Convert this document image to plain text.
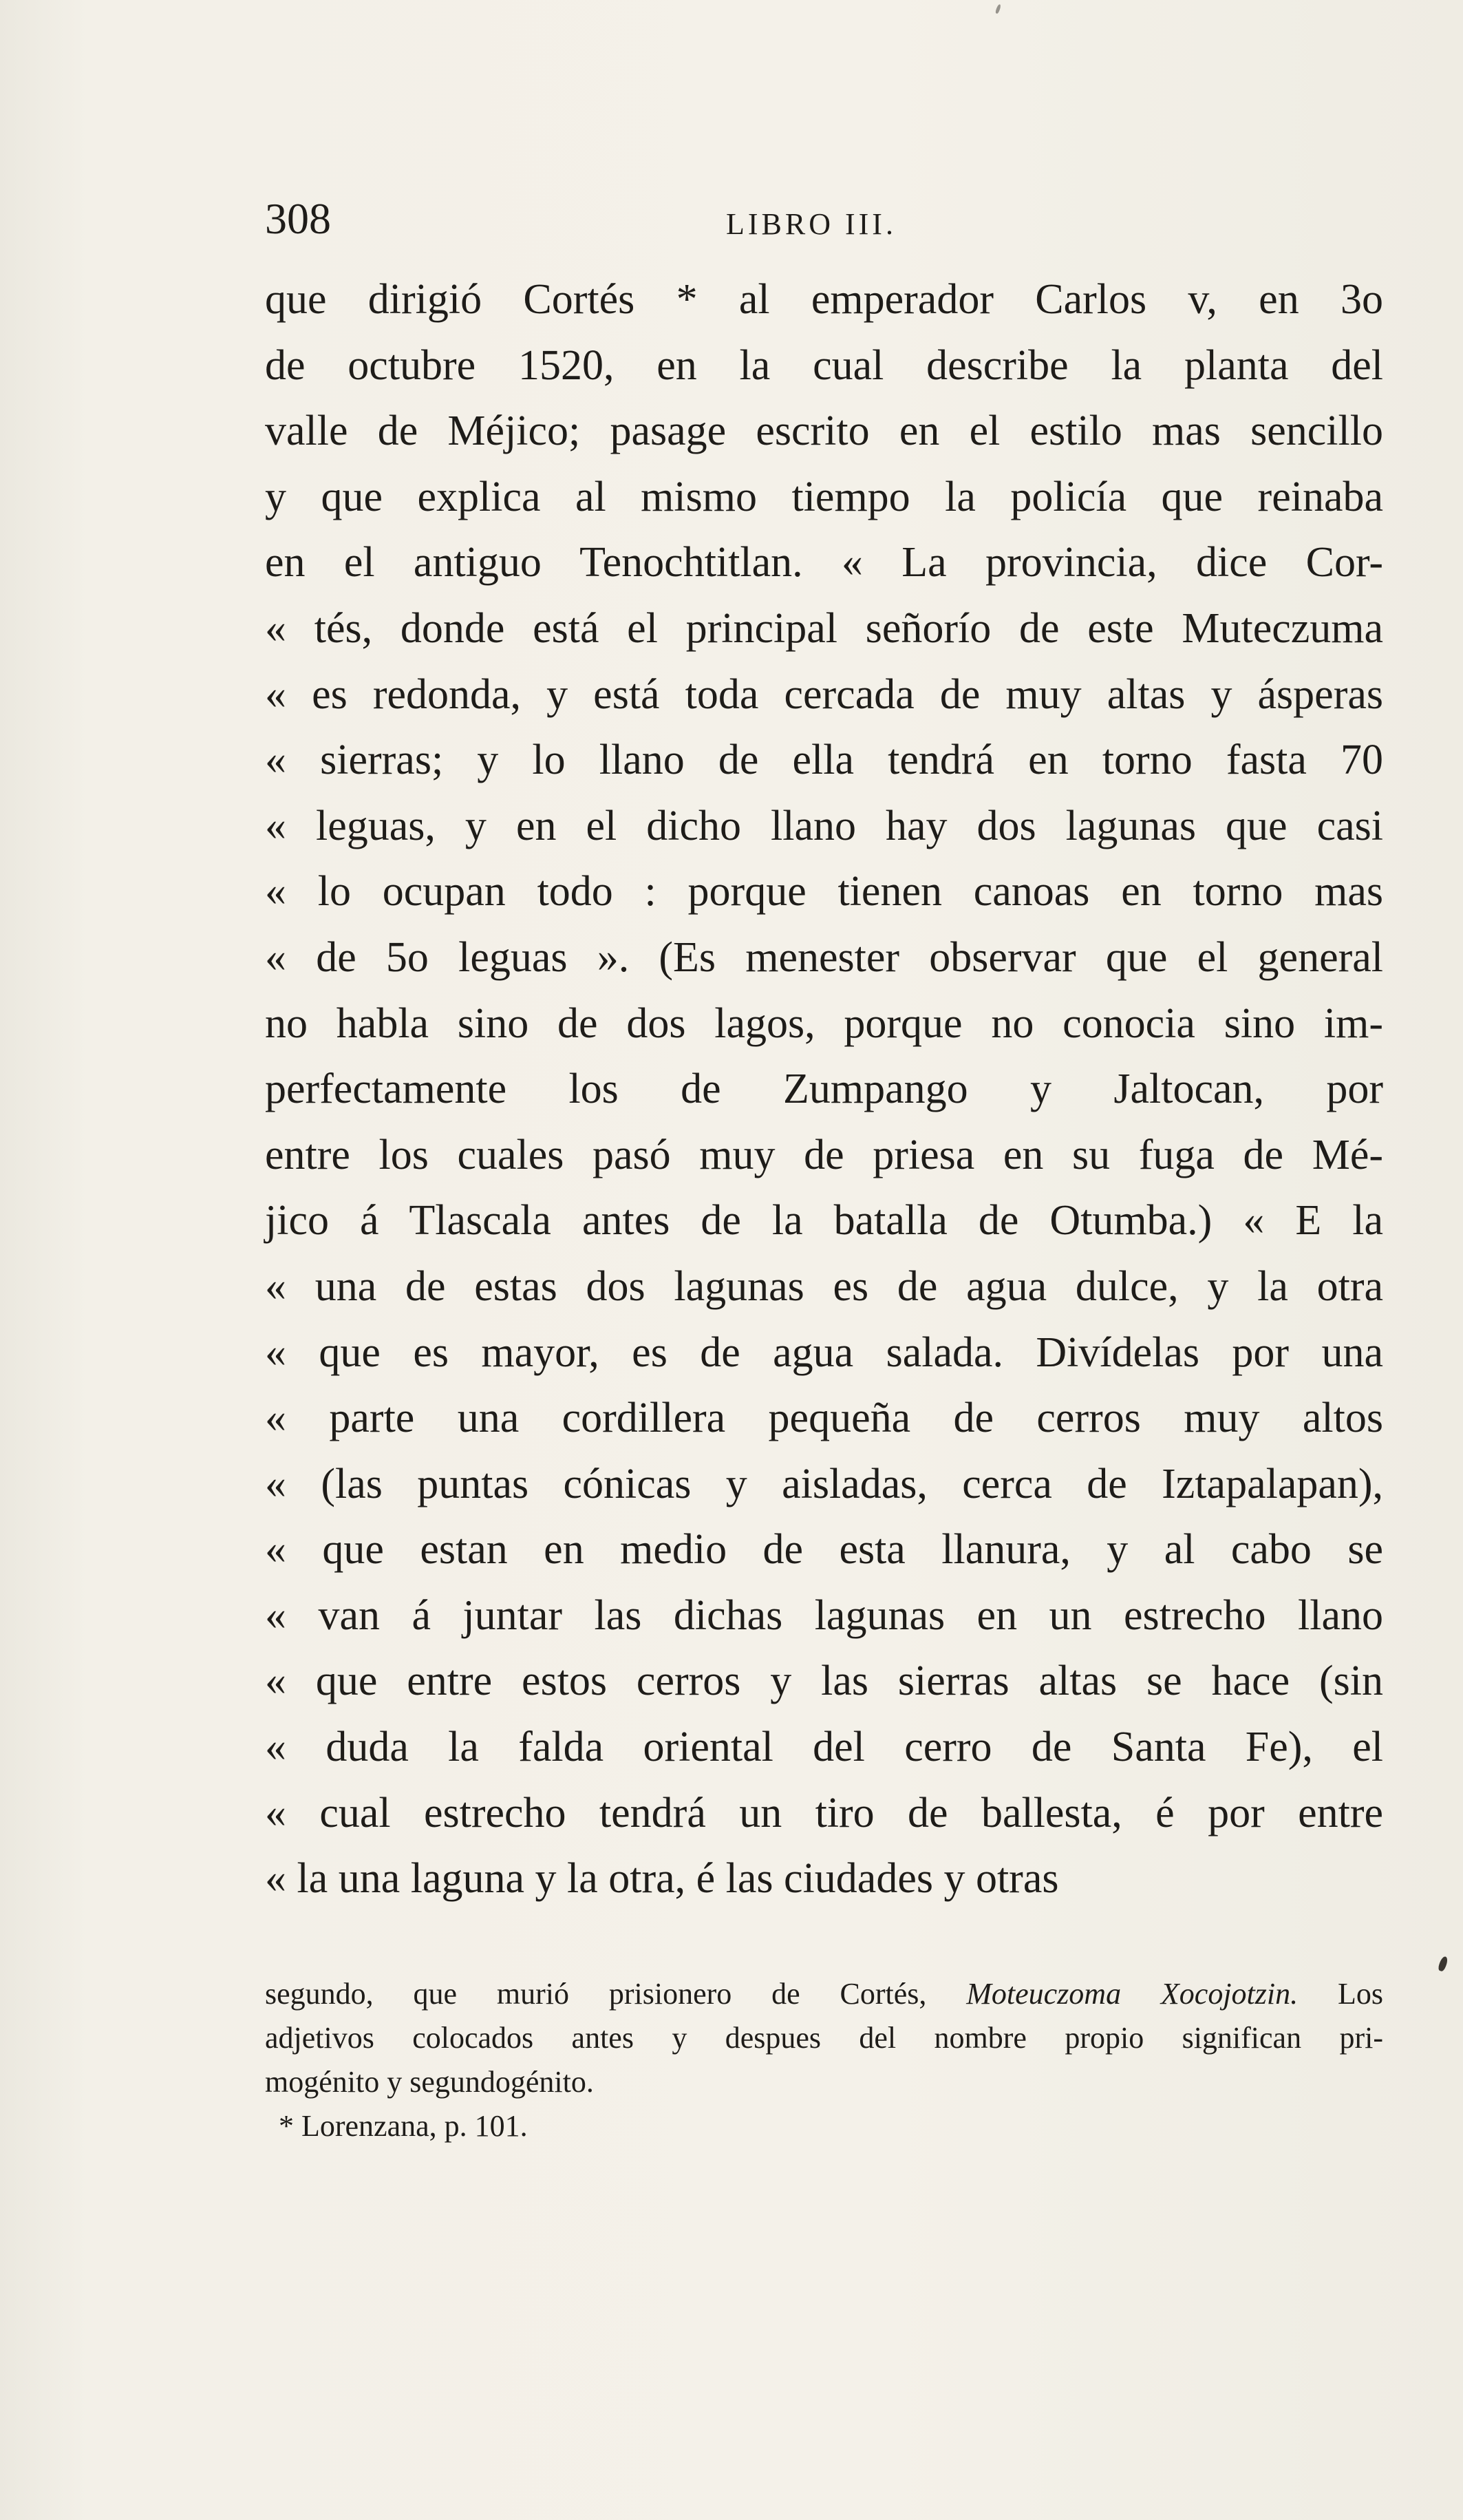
308	LIBRO III.
que dirigió Cortés * al emperador Carlos v, en 3o
de octubre 1520, en la cual describe la planta del
valle de Méjico; pasage escrito en el estilo mas sencillo
y que explica al mismo tiempo la policía que reinaba
en el antiguo Tenochtitlan. « La provincia, dice Cor-
« tés, donde está el principal señorío de este Muteczuma
« es redonda, y está toda cercada de muy altas y ásperas
« sierras; y lo llano de ella tendrá en torno fasta 70
« leguas, y en el dicho llano hay dos lagunas que casi
« lo ocupan todo : porque tienen canoas en torno mas
« de 5o leguas ». (Es menester observar que el general
no habla sino de dos lagos, porque no conocia sino im-
perfectamente los de Zumpango y Jaltocan, por
entre los cuales pasó muy de priesa en su fuga de Mé-
jico á Tlascala antes de la batalla de Otumba.) « E la
« una de estas dos lagunas es de agua dulce, y la otra
« que es mayor, es de agua salada. Divídelas por una
« parte una cordillera pequeña de cerros muy altos
« (las puntas cónicas y aisladas, cerca de Iztapalapan),
« que estan en medio de esta llanura, y al cabo se
« van á juntar las dichas lagunas en un estrecho llano
« que entre estos cerros y las sierras altas se hace (sin
« duda la falda oriental del cerro de Santa Fe), el
« cual estrecho tendrá un tiro de ballesta, é por entre
« la una laguna y la otra, é las ciudades y otras
segundo, que murió prisionero de Cortés, Moteuczoma Xocojotzin. Los
adjetivos colocados antes y despues del nombre propio significan pri-
mogénito y segundogénito.
* Lorenzana, p. 101.
